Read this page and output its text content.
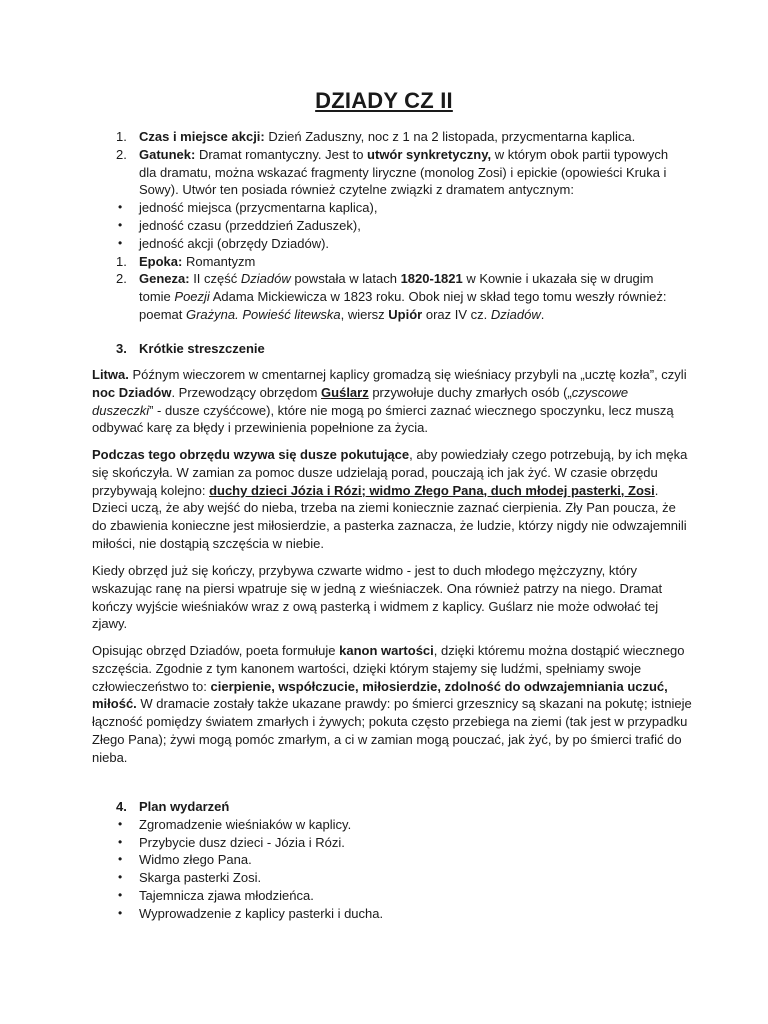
DZIADY CZ II
1. Czas i miejsce akcji: Dzień Zaduszny, noc z 1 na 2 listopada, przycmentarna kaplica.
2. Gatunek: Dramat romantyczny. Jest to utwór synkretyczny, w którym obok partii typowych dla dramatu, można wskazać fragmenty liryczne (monolog Zosi) i epickie (opowieści Kruka i Sowy). Utwór ten posiada również czytelne związki z dramatem antycznym:
• jedność miejsca (przycmentarna kaplica),
• jedność czasu (przeddzień Zaduszek),
• jedność akcji (obrzędy Dziadów).
1. Epoka: Romantyzm
2. Geneza: II część Dziadów powstała w latach 1820-1821 w Kownie i ukazała się w drugim tomie Poezji Adama Mickiewicza w 1823 roku. Obok niej w skład tego tomu weszły również: poemat Grażyna. Powieść litewska, wiersz Upiór oraz IV cz. Dziadów.
3. Krótkie streszczenie

Litwa. Późnym wieczorem w cmentarnej kaplicy gromadzą się wieśniacy przybyli na „ucztę kozła”, czyli noc Dziadów. Przewodzący obrzędom Guślarz przywołuje duchy zmarłych osób („czyscowe duszeczki” - dusze czyśćcowe), które nie mogą po śmierci zaznać wiecznego spoczynku, lecz muszą odbywać karę za błędy i przewinienia popełnione za życia.

Podczas tego obrzędu wzywa się dusze pokutujące, aby powiedziały czego potrzebują, by ich męka się skończyła. W zamian za pomoc dusze udzielają porad, pouczają ich jak żyć. W czasie obrzędu przybywają kolejno: duchy dzieci Józia i Rózi; widmo Złego Pana, duch młodej pasterki, Zosi. Dzieci uczą, że aby wejść do nieba, trzeba na ziemi koniecznie zaznać cierpienia. Zły Pan poucza, że do zbawienia konieczne jest miłosierdzie, a pasterka zaznacza, że ludzie, którzy nigdy nie odwzajemnili miłości, nie dostąpią szczęścia w niebie.

Kiedy obrzęd już się kończy, przybywa czwarte widmo - jest to duch młodego mężczyzny, który wskazując ranę na piersi wpatruje się w jedną z wieśniaczek. Ona również patrzy na niego. Dramat kończy wyjście wieśniaków wraz z ową pasterką i widmem z kaplicy. Guślarz nie może odwołać tej zjawy.

Opisując obrzęd Dziadów, poeta formułuje kanon wartości, dzięki któremu można dostąpić wiecznego szczęścia. Zgodnie z tym kanonem wartości, dzięki którym stajemy się ludźmi, spełniamy swoje człowieczeństwo to: cierpienie, współczucie, miłosierdzie, zdolność do odwzajemniania uczuć, miłość. W dramacie zostały także ukazane prawdy: po śmierci grzesznicy są skazani na pokutę; istnieje łączność pomiędzy światem zmarłych i żywych; pokuta często przebiega na ziemi (tak jest w przypadku Złego Pana); żywi mogą pomóc zmarłym, a ci w zamian mogą pouczać, jak żyć, by po śmierci trafić do nieba.

4. Plan wydarzeń
• Zgromadzenie wieśniaków w kaplicy.
• Przybycie dusz dzieci - Józia i Rózi.
• Widmo złego Pana.
• Skarga pasterki Zosi.
• Tajemnicza zjawa młodzieńca.
• Wyprowadzenie z kaplicy pasterki i ducha.
